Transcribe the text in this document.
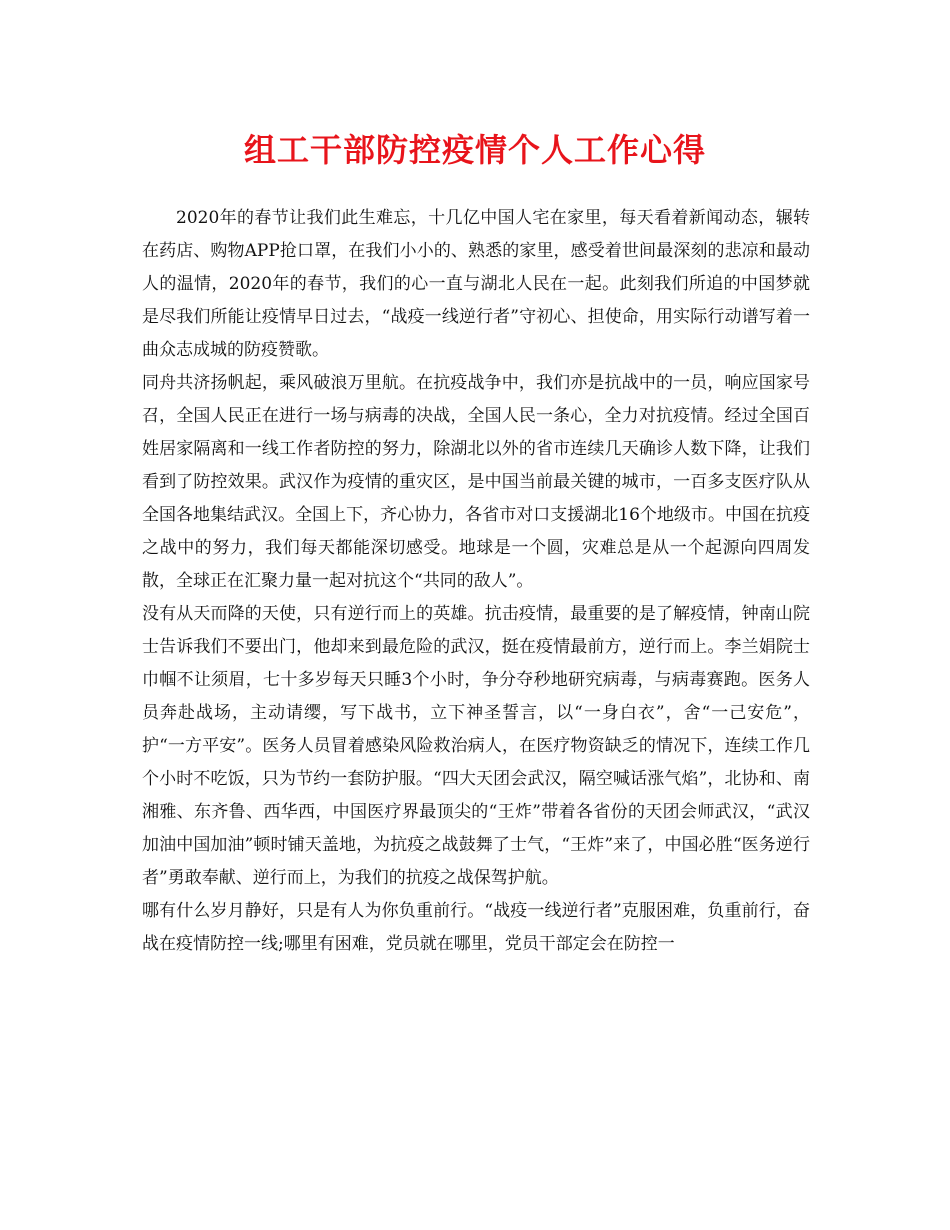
组工干部防控疫情个人工作心得

2020年的春节让我们此生难忘，十几亿中国人宅在家里，每天看着新闻动态，辗转在药店、购物APP抢口罩，在我们小小的、熟悉的家里，感受着世间最深刻的悲凉和最动人的温情，2020年的春节，我们的心一直与湖北人民在一起。此刻我们所追的中国梦就是尽我们所能让疫情早日过去，“战疫一线逆行者”守初心、担使命，用实际行动谱写着一曲众志成城的防疫赞歌。

同舟共济扬帆起，乘风破浪万里航。在抗疫战争中，我们亦是抗战中的一员，响应国家号召，全国人民正在进行一场与病毒的决战，全国人民一条心，全力对抗疫情。经过全国百姓居家隔离和一线工作者防控的努力，除湖北以外的省市连续几天确诊人数下降，让我们看到了防控效果。武汉作为疫情的重灾区，是中国当前最关键的城市，一百多支医疗队从全国各地集结武汉。全国上下，齐心协力，各省市对口支援湖北16个地级市。中国在抗疫之战中的努力，我们每天都能深切感受。地球是一个圆，灾难总是从一个起源向四周发散，全球正在汇聚力量一起对抗这个“共同的敌人”。

没有从天而降的天使，只有逆行而上的英雄。抗击疫情，最重要的是了解疫情，钟南山院士告诉我们不要出门，他却来到最危险的武汉，挺在疫情最前方，逆行而上。李兰娟院士巾帼不让须眉，七十多岁每天只睡3个小时，争分夺秒地研究病毒，与病毒赛跑。医务人员奔赴战场，主动请缨，写下战书，立下神圣誓言，以“一身白衣”，舍“一己安危”，护“一方平安”。医务人员冒着感染风险救治病人，在医疗物资缺乏的情况下，连续工作几个小时不吃饭，只为节约一套防护服。“四大天团会武汉，隔空喊话涨气焰”，北协和、南湘雅、东齐鲁、西华西，中国医疗界最顶尖的“王炸”带着各省份的天团会师武汉，“武汉加油中国加油”顿时铺天盖地，为抗疫之战鼓舞了士气，“王炸”来了，中国必胜“医务逆行者”勇敢奉献、逆行而上，为我们的抗疫之战保驾护航。

哪有什么岁月静好，只是有人为你负重前行。“战疫一线逆行者”克服困难，负重前行，奋战在疫情防控一线;哪里有困难，党员就在哪里，党员干部定会在防控一
